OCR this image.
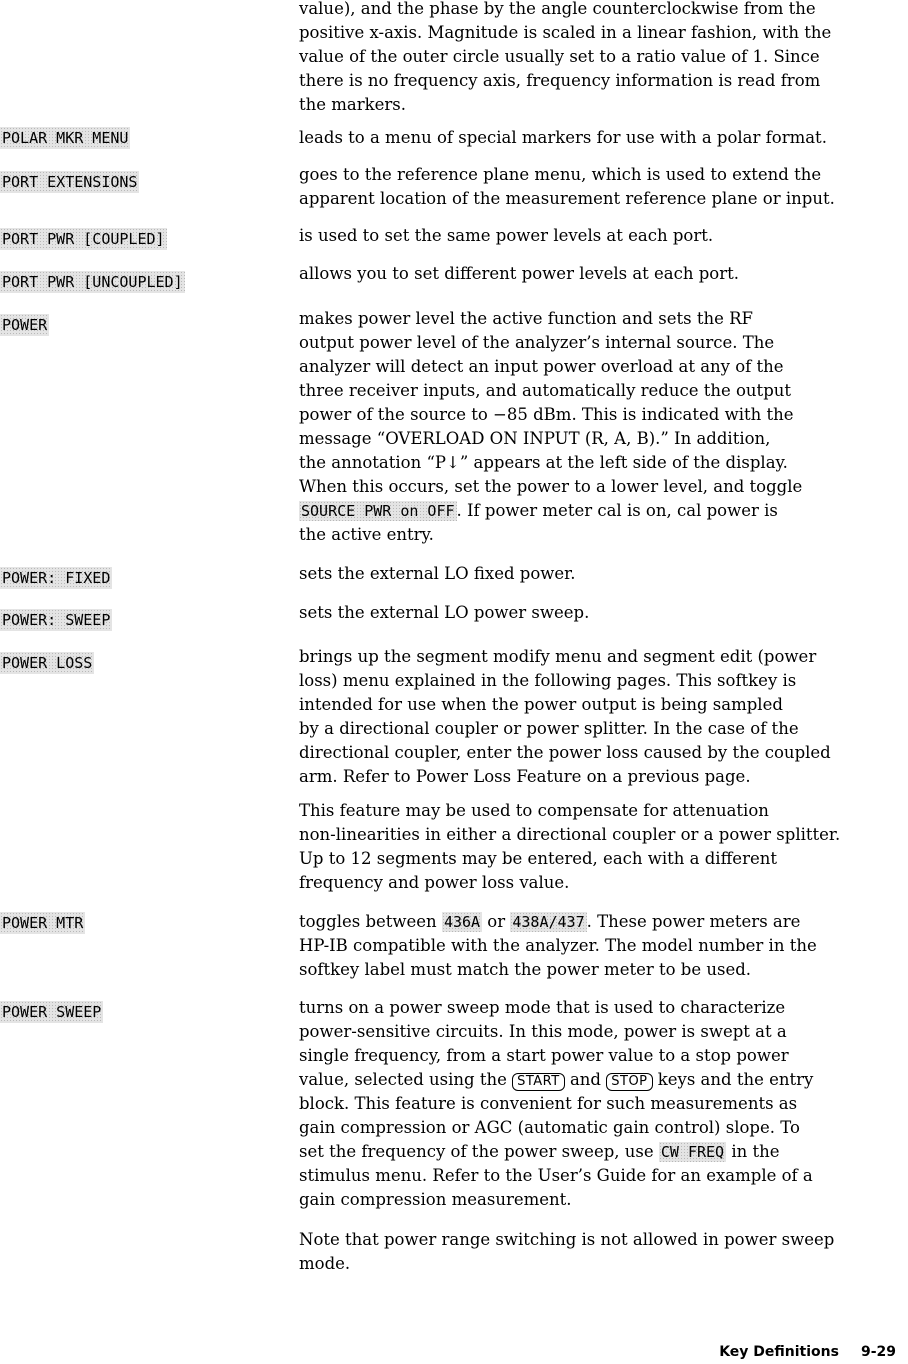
value), and the phase by the angle counterclockwise from the
positive x-axis. Magnitude is scaled in a linear fashion, with the
value of the outer circle usually set to a ratio value of 1. Since
there is no frequency axis, frequency information is read from
the markers.

POLAR MKR MENU	leads to a menu of special markers for use with a polar format.

PORT EXTENSIONS	goes to the reference plane menu, which is used to extend the
apparent location of the measurement reference plane or input.

PORT PWR [COUPLED]	is used to set the same power levels at each port.

PORT PWR [UNCOUPLED]	allows you to set different power levels at each port.

POWER	makes power level the active function and sets the RF
output power level of the analyzer’s internal source. The
analyzer will detect an input power overload at any of the
three receiver inputs, and automatically reduce the output
power of the source to −85 dBm. This is indicated with the
message “OVERLOAD ON INPUT (R, A, B).” In addition,
the annotation “P↓” appears at the left side of the display.
When this occurs, set the power to a lower level, and toggle
SOURCE PWR on OFF . If power meter cal is on, cal power is
the active entry.

POWER: FIXED	sets the external LO fixed power.

POWER: SWEEP	sets the external LO power sweep.

POWER LOSS	brings up the segment modify menu and segment edit (power
loss) menu explained in the following pages. This softkey is
intended for use when the power output is being sampled
by a directional coupler or power splitter. In the case of the
directional coupler, enter the power loss caused by the coupled
arm. Refer to Power Loss Feature on a previous page.

This feature may be used to compensate for attenuation
non-linearities in either a directional coupler or a power splitter.
Up to 12 segments may be entered, each with a different
frequency and power loss value.

POWER MTR	toggles between 436A or 438A/437 . These power meters are
HP-IB compatible with the analyzer. The model number in the
softkey label must match the power meter to be used.

POWER SWEEP	turns on a power sweep mode that is used to characterize
power-sensitive circuits. In this mode, power is swept at a
single frequency, from a start power value to a stop power
value, selected using the START and STOP keys and the entry
block. This feature is convenient for such measurements as
gain compression or AGC (automatic gain control) slope. To
set the frequency of the power sweep, use CW FREQ in the
stimulus menu. Refer to the User’s Guide for an example of a
gain compression measurement.

Note that power range switching is not allowed in power sweep
mode.

Key Definitions 9-29
